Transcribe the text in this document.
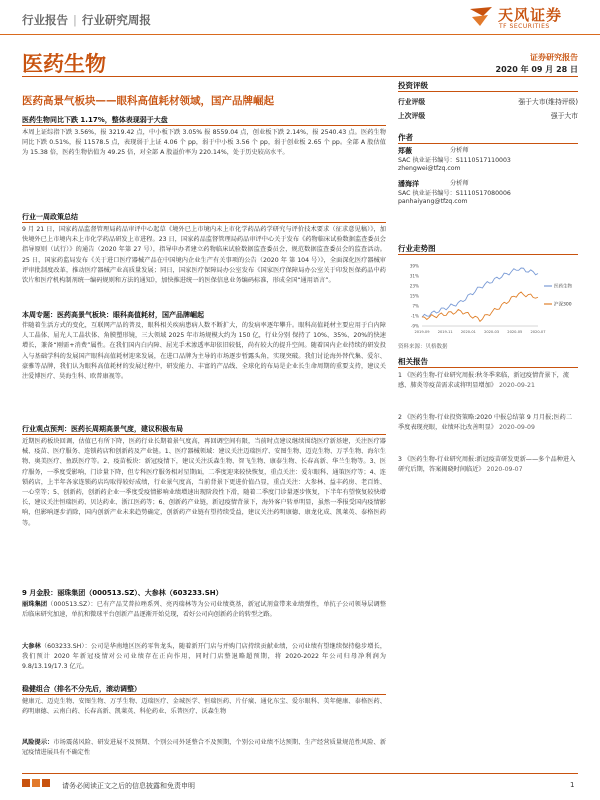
行业报告 | 行业研究周报	天风证券
TF SECURITIES
医药生物	证券研究报告
2020 年 09 月 28 日
医药高景气板块——眼科高值耗材领域，国产品牌崛起
医药生物同比下跌 1.17%，整体表现弱于大盘
本周上证综指下跌 3.56%，报 3219.42 点，中小板下跌 3.05% 报 8559.04 点，创业板下跌 2.14%，报 2540.43 点。医药生物同比下跌 0.51%，报 11578.5 点，表现弱于上证 4.06 个 pp，弱于中小板 3.56 个 pp，弱于创业板 2.65 个 pp。全部 A 股估值为 15.38 倍，医药生物估值为 49.25 倍，对全部 A 股溢价率为 220.14%，处于历史较高水平。
行业一周政策总结
9 月 21 日，国家药品监督管理局药品审评中心起草《境外已上市境内未上市化学药品药学研究与评价技术要求（征求意见稿）》，加快境外已上市境内未上市化学药品研发上市进程。23 日，国家药品监督管理局药品审评中心关于发布《药物临床试验数据监查委员会指导原则（试行）》的通告（2020 年第 27 号），指导申办者建立药物临床试验数据监查委员会，规范数据监查委员会的监查活动。25 日，国家药监局发布《关于进口医疗器械产品在中国境内企业生产有关事项的公告（2020 年 第 104 号）》，全面深化医疗器械审评审批制度改革，推动医疗器械产业高质量发展；同日，国家医疗保障局办公室发布《国家医疗保障局办公室关于印发医保药品中药饮片和医疗机构制剂统一编码规则和方法的通知》，加快推进统一的医保信息业务编码标准，形成全国“通用语言”。
本周专题：医药高景气板块：眼科高值耗材，国产品牌崛起
伴随着生活方式的变化，互联网产品的普及，眼科相关疾病患病人数不断扩大，的发病率逐年攀升。眼科高值耗材主要应用于白内障人工晶体、屈光人工晶状体、角膜塑形镜，三大领域 2025 年市场规模大约为 150 亿，行业分别 保持了 10%、35%、20%的快速增长，兼备“刚需+消费”属性。在我们国内白内障、屈光手术渗透率却依旧较低，尚有较大的提升空间。随着国内企业持续的研发投入与基础学科的发展国产眼科高值耗材迎来发展，在进口品牌为主导的市场逐步暂露头角，实现突破。我们讨论海外替代集、爱尔、豪雅等品牌，我们认为眼科高值耗材的发展过程中，研发能力、丰富的产品线、全球化的布局是企业长生命周期的重要支持，建议关注爱博医疗、昊海生科、欧普康视等。
行业观点预判：医药长周期高景气度，建议积极布局
近期医药板块回调，估值已有所下降，医药行业长期着景气度高，再回调空间有限，当前时点建议继续围绕医疗新基建，关注医疗器械、疫苗、医疗服务、连锁药店和创新药及产业链。1、医疗器械领域：建议关注迈瑞医疗、安图生物、迈克生物、万孚生物、海尔生物、奥美医疗、鱼跃医疗等。2、疫苗板块：新冠疫情下，建议关注沃森生物、智飞生物、康泰生物、长春高新、华兰生物等。3、医疗服务，一季度受影响，门诊量下降，但专科医疗服务相对星期面，二季度迎来较快恢复，重点关注：爱尔眼科、通策医疗等；4、连锁药店，上半年各家连锁药店均取得较好成绩，行业景气度高，当前背景下更进价值凸显，重点关注：大参林、益丰药房、老百姓、一心堂等；5、创新药，创新药企业一季度受疫情影响业绩增速出现阶段性下滑，随着二季度门诊量逐步恢复，下半年有望恢复较快增长，建议关注恒瑞医药、贝达药业、浙江医药等；6、创新药产业链，新冠疫情背景下，海外客户转单明显，虽然一季报受国内疫情影响，但影响逐步消除，国内创新产业未来趋势确定，创新药产业链有望持续受益，建议关注药明康德、康龙化成、凯莱英、泰格医药等。
9 月金股：丽珠集团（000513.SZ）、大参林（603233.SH）
丽珠集团（000513.SZ）：已有产品艾普拉唑系列、亮丙瑞林等为公司业绩奠基，新冠试剂盒带来业绩弹性，单抗子公司领导层调整后临床研究加速，单抗和微球平台创新产品逐渐开始兑现，看好公司向创新药企的转型之路。
大参林（603233.SH）：公司是华南地区医药零售龙头，随着新开门店与并购门店持续贡献业绩，公司业绩有望继续保持稳步增长，我们预计 2020 年新冠疫情对公司业绩存在正向作用，同时门店整退略超预期，将 2020-2022 年公司归母净利润为 9.8/13.19/17.3 亿元。
稳健组合（排名不分先后，滚动调整）
健康元、迈克生物、安图生物、万孚生物、迈瑞医疗、金城医学、恒瑞医药、片仔癀、通化东宝、爱尔眼科、美年健康、泰格医药、药明康德、云南白药、长春高新、凯莱英、科伦药业、乐普医疗、沃森生物
风险提示：市场震荡风险、研发进展不及预期、个别公司外延整合不及预期，个别公司业绩不达预期、生产经营质量规范性风险、新冠疫情进展具有不确定性
投资评级
行业评级	强于大市(维持评级)
上次评级	强于大市
作者
郑薇	分析师
SAC 执业证书编号：S1110517110003
zhengwei@tfzq.com
潘海洋	分析师
SAC 执业证书编号：S1110517080006
panhaiyang@tfzq.com
行业走势图
39%
31%
23%
15%
7%
-1%
-9%
2019-09 2019-11 2020-01 2020-03 2020-05 2020-07
医药生物
沪深300
资料来源：贝格数据
相关报告
1 《医药生物-行业研究周报:秋冬季来临，新冠疫情背景下，流感、肺炎等疫苗需求或将明显增加》 2020-09-21
2 《医药生物-行业投资策略:2020 中报总结第 9 月月报;医药二季度表现亮眼，业绩环比改善明显》 2020-09-09
3 《医药生物-行业研究周报:新冠疫苗研发更新——多个品种进入研究后期，答案揭晓时间临近》 2020-09-07
请务必阅读正文之后的信息披露和免责申明	1
